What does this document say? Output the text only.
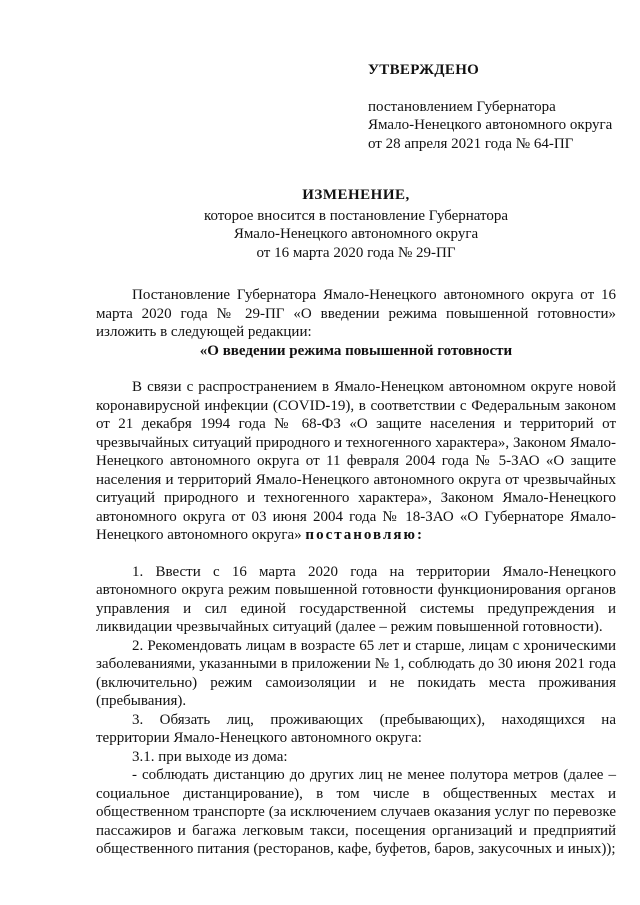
УТВЕРЖДЕНО
постановлением Губернатора
Ямало-Ненецкого автономного округа
от 28 апреля 2021 года № 64-ПГ
ИЗМЕНЕНИЕ,
которое вносится в постановление Губернатора
Ямало-Ненецкого автономного округа
от 16 марта 2020 года № 29-ПГ

Постановление Губернатора Ямало-Ненецкого автономного округа от 16 марта 2020 года № 29-ПГ «О введении режима повышенной готовности» изложить в следующей редакции:

«О введении режима повышенной готовности

В связи с распространением в Ямало-Ненецком автономном округе новой коронавирусной инфекции (COVID-19), в соответствии с Федеральным законом от 21 декабря 1994 года № 68-ФЗ «О защите населения и территорий от чрезвычайных ситуаций природного и техногенного характера», Законом Ямало-Ненецкого автономного округа от 11 февраля 2004 года № 5-ЗАО «О защите населения и территорий Ямало-Ненецкого автономного округа от чрезвычайных ситуаций природного и техногенного характера», Законом Ямало-Ненецкого автономного округа от 03 июня 2004 года № 18-ЗАО «О Губернаторе Ямало-Ненецкого автономного округа» постановляю:

1. Ввести с 16 марта 2020 года на территории Ямало-Ненецкого автономного округа режим повышенной готовности функционирования органов управления и сил единой государственной системы предупреждения и ликвидации чрезвычайных ситуаций (далее – режим повышенной готовности).

2. Рекомендовать лицам в возрасте 65 лет и старше, лицам с хроническими заболеваниями, указанными в приложении № 1, соблюдать до 30 июня 2021 года (включительно) режим самоизоляции и не покидать места проживания (пребывания).

3. Обязать лиц, проживающих (пребывающих), находящихся на территории Ямало-Ненецкого автономного округа:

3.1. при выходе из дома:

- соблюдать дистанцию до других лиц не менее полутора метров (далее – социальное дистанцирование), в том числе в общественных местах и общественном транспорте (за исключением случаев оказания услуг по перевозке пассажиров и багажа легковым такси, посещения организаций и предприятий общественного питания (ресторанов, кафе, буфетов, баров, закусочных и иных));
